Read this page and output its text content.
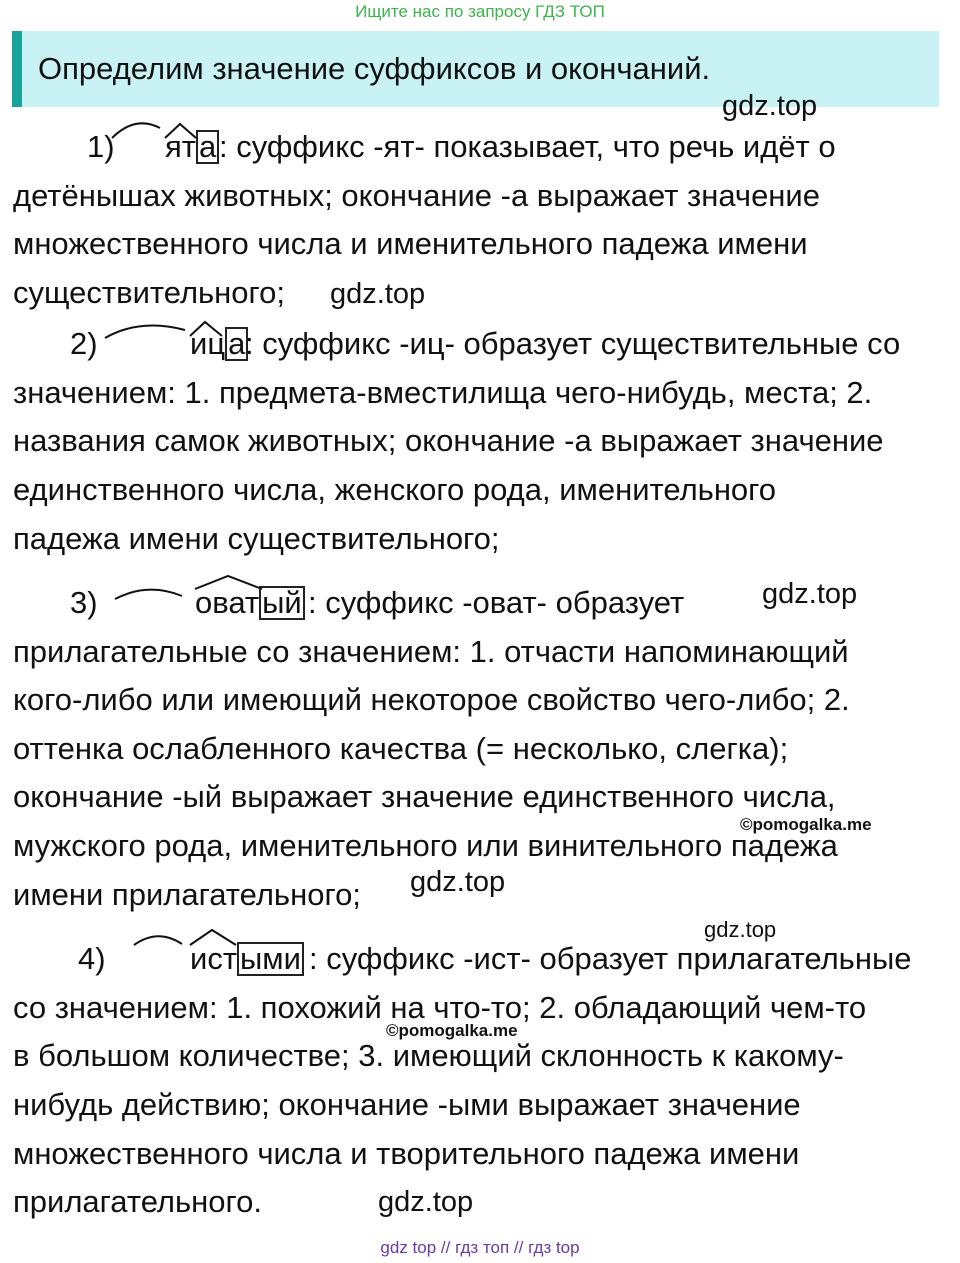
Ищите нас по запросу ГДЗ ТОП
Определим значение суффиксов и окончаний.
1) ята : суффикс -ят- показывает, что речь идёт о
детёнышах животных; окончание -а выражает значение
множественного числа и именительного падежа имени
существительного;
2)	ица : суффикс -иц- образует существительные со
значением: 1. предмета-вместилища чего-нибудь, места; 2.
названия самок животных; окончание -а выражает значение
единственного числа, женского рода, именительного
падежа имени существительного;
3)	оватый : суффикс -оват- образует
прилагательные со значением: 1. отчасти напоминающий
кого-либо или имеющий некоторое свойство чего-либо; 2.
оттенка ослабленного качества (= несколько, слегка);
окончание -ый выражает значение единственного числа,
мужского рода, именительного или винительного падежа
имени прилагательного;
4)	истыми : суффикс -ист- образует прилагательные
со значением: 1. похожий на что-то; 2. обладающий чем-то
в большом количестве; 3. имеющий склонность к какому-
нибудь действию; окончание -ыми выражает значение
множественного числа и творительного падежа имени
прилагательного.
gdz.top
gdz.top
gdz.top
gdz.top
gdz.top
gdz.top
©pomogalka.me
©pomogalka.me
gdz top // гдз топ // гдз top
